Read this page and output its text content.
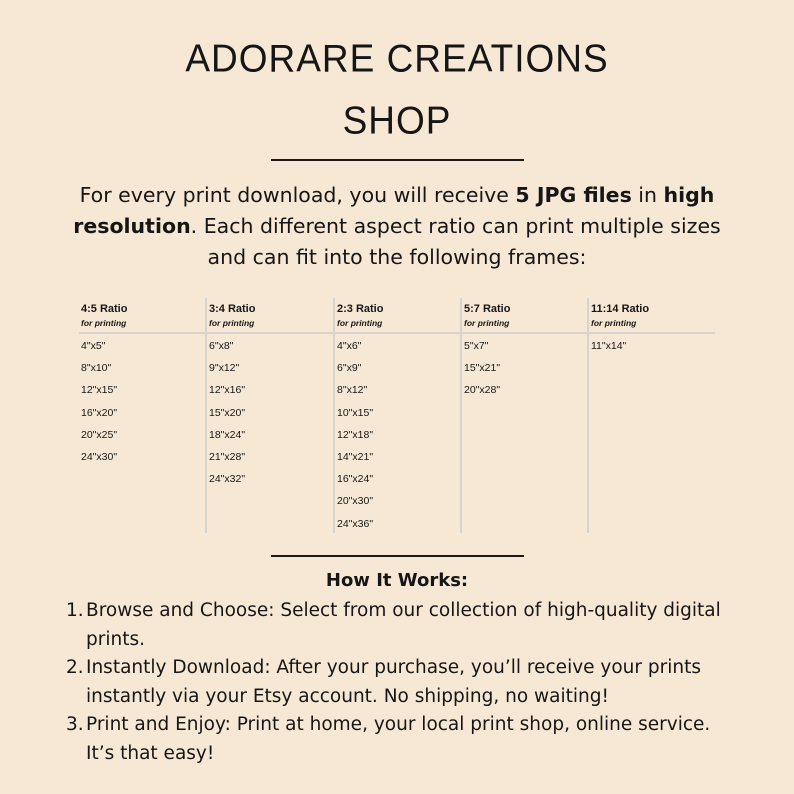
ADORARE CREATIONS
SHOP
For every print download, you will receive 5 JPG files in high resolution. Each different aspect ratio can print multiple sizes and can fit into the following frames:
4:5 Ratio
for printing
4"x5"
8"x10"
12"x15"
16"x20"
20"x25"
24"x30"
3:4 Ratio
for printing
6"x8"
9"x12"
12"x16"
15"x20"
18"x24"
21"x28"
24"x32"
2:3 Ratio
for printing
4"x6"
6"x9"
8"x12"
10"x15"
12"x18"
14"x21"
16"x24"
20"x30"
24"x36"
5:7 Ratio
for printing
5"x7"
15"x21"
20"x28"
11:14 Ratio
for printing
11"x14"
How It Works:
1. Browse and Choose: Select from our collection of high-quality digital prints.
2. Instantly Download: After your purchase, you’ll receive your prints instantly via your Etsy account. No shipping, no waiting!
3. Print and Enjoy: Print at home, your local print shop, online service. It’s that easy!
